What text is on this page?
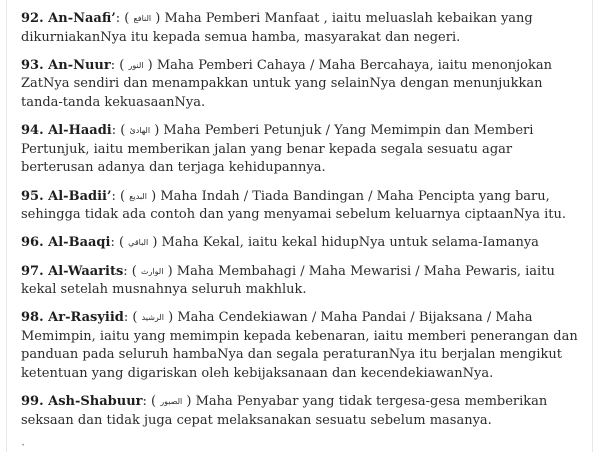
92. An-Naafi’: ( النافع ) Maha Pemberi Manfaat , iaitu meluaslah kebaikan yang dikurniakanNya itu kepada semua hamba, masyarakat dan negeri.

93. An-Nuur: ( النور ) Maha Pemberi Cahaya / Maha Bercahaya, iaitu menonjokan ZatNya sendiri dan menampakkan untuk yang selainNya dengan menunjukkan tanda-tanda kekuasaanNya.

94. Al-Haadi: ( الهادئ ) Maha Pemberi Petunjuk / Yang Memimpin dan Memberi Pertunjuk, iaitu memberikan jalan yang benar kepada segala sesuatu agar berterusan adanya dan terjaga kehidupannya.

95. Al-Badii’: ( البديع ) Maha Indah / Tiada Bandingan / Maha Pencipta yang baru, sehingga tidak ada contoh dan yang menyamai sebelum keluarnya ciptaanNya itu.

96. Al-Baaqi: ( الباقي ) Maha Kekal, iaitu kekal hidupNya untuk selama-Iamanya

97. Al-Waarits: ( الوارث ) Maha Membahagi / Maha Mewarisi / Maha Pewaris, iaitu kekal setelah musnahnya seluruh makhluk.

98. Ar-Rasyiid: ( الرشيد ) Maha Cendekiawan / Maha Pandai / Bijaksana / Maha Memimpin, iaitu yang memimpin kepada kebenaran, iaitu memberi penerangan dan panduan pada seluruh hambaNya dan segala peraturanNya itu berjalan mengikut ketentuan yang digariskan oleh kebijaksanaan dan kecendekiawanNya.

99. Ash-Shabuur: ( الصبور ) Maha Penyabar yang tidak tergesa-gesa memberikan seksaan dan tidak juga cepat melaksanakan sesuatu sebelum masanya.

·
